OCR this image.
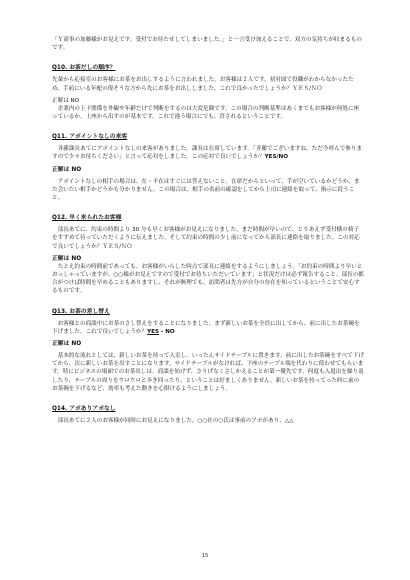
「Ｙ商事の加藤様がお見えです。受付でお待たせしてしまいました。」と一言受け加えることで、双方の気持ちが収まるものです。

Q10. お茶だしの順序？

先輩から応接室のお客様にお茶をお出しするように言われました。お客様は２人です。初対面で役職がわからなかったため、手前にいる年配の偉そうな方から先にお茶をお出ししました。これで良かったでしょうか？ＹＥＳ/ＮＯ

正解は NO

企業内の上下関係を外観や年齢だけで判断をするのは大変危険です。この場合の判断基準はあくまでもお客様が何処に座っているか。上座から出すのが基本です。これで違う場合にでも、許されるということです。

Q11. アポイントなしの来客

斉藤課長あてにアポイントなしの来客がありました。課長は在席しています。「斉藤でございますね。ただ今呼んで参りますので少々お待ちください」と言って応対をしました。この応対で良いでしょうか？YES/NO

正解は NO

アポイントなしの相手の場合は、在・不在はすぐには答えないこと。在席だからといって、手が空いているかどうか、また会いたい相手かどうかも分かりません。この場合は、相手の名前の確認をしてから上司に連絡を取って、指示に従うこと。

Q12. 早く来られたお客様

部長あてに、約束の時間より 30 分も早くお客様がお見えになりました。まだ時間が早いので、とりあえず受付横の椅子をすすめて待っていただくように伝えました。そして約束の時間の少し前になってから部長に連絡を取りました。この対応で良いでしょうか？ＹＥＳ/ＮＯ

正解は NO

たとえ約束の時間前であっても、お客様がいらした時点で部長に連絡をするようにしましょう。「お約束の時間より早いとおっしゃっていますが、○○様がお見えですので受付でお待ちいただいています」と状況だけは必ず報告すること。部長の都合がつけば時間を早めることもありますし、それが無理でも、訪問者は先方が自分の存在を知っているということで安心するものです。

Q13. お茶の差し替え

お客様との商談中にお茶のさし替えをすることになりました。まず新しいお茶を全員に出してから、前に出したお茶碗を下げました。これで良いでしょうか？YES - NO

正解は NO

基本的な流れとしては、新しいお茶を持って入室し、いったんサイドテーブルに置きます。前に出したお茶碗をすべて下げてから、次に新しいお茶を出すことになります。サイドテーブルがなければ、下座のテーブル端を代わりに使わせてもらいます。特にビジネスの場面でのお茶出しは、商談を妨げず、さりげなくさしかえることが第一優先です。何度も入退出を繰り返したり、テーブルの周りをウロウロと歩き回ったり、ということは好ましくありません。新しいお茶を持ってった時に前のお茶碗を下げるなど、効率も考えた動きを心掛けるようにしましょう。

Q14. アポありアポなし

部長あてに２人のお客様が同時にお見えになりました。○○社の○氏は事前のアポがあり、△△

15
